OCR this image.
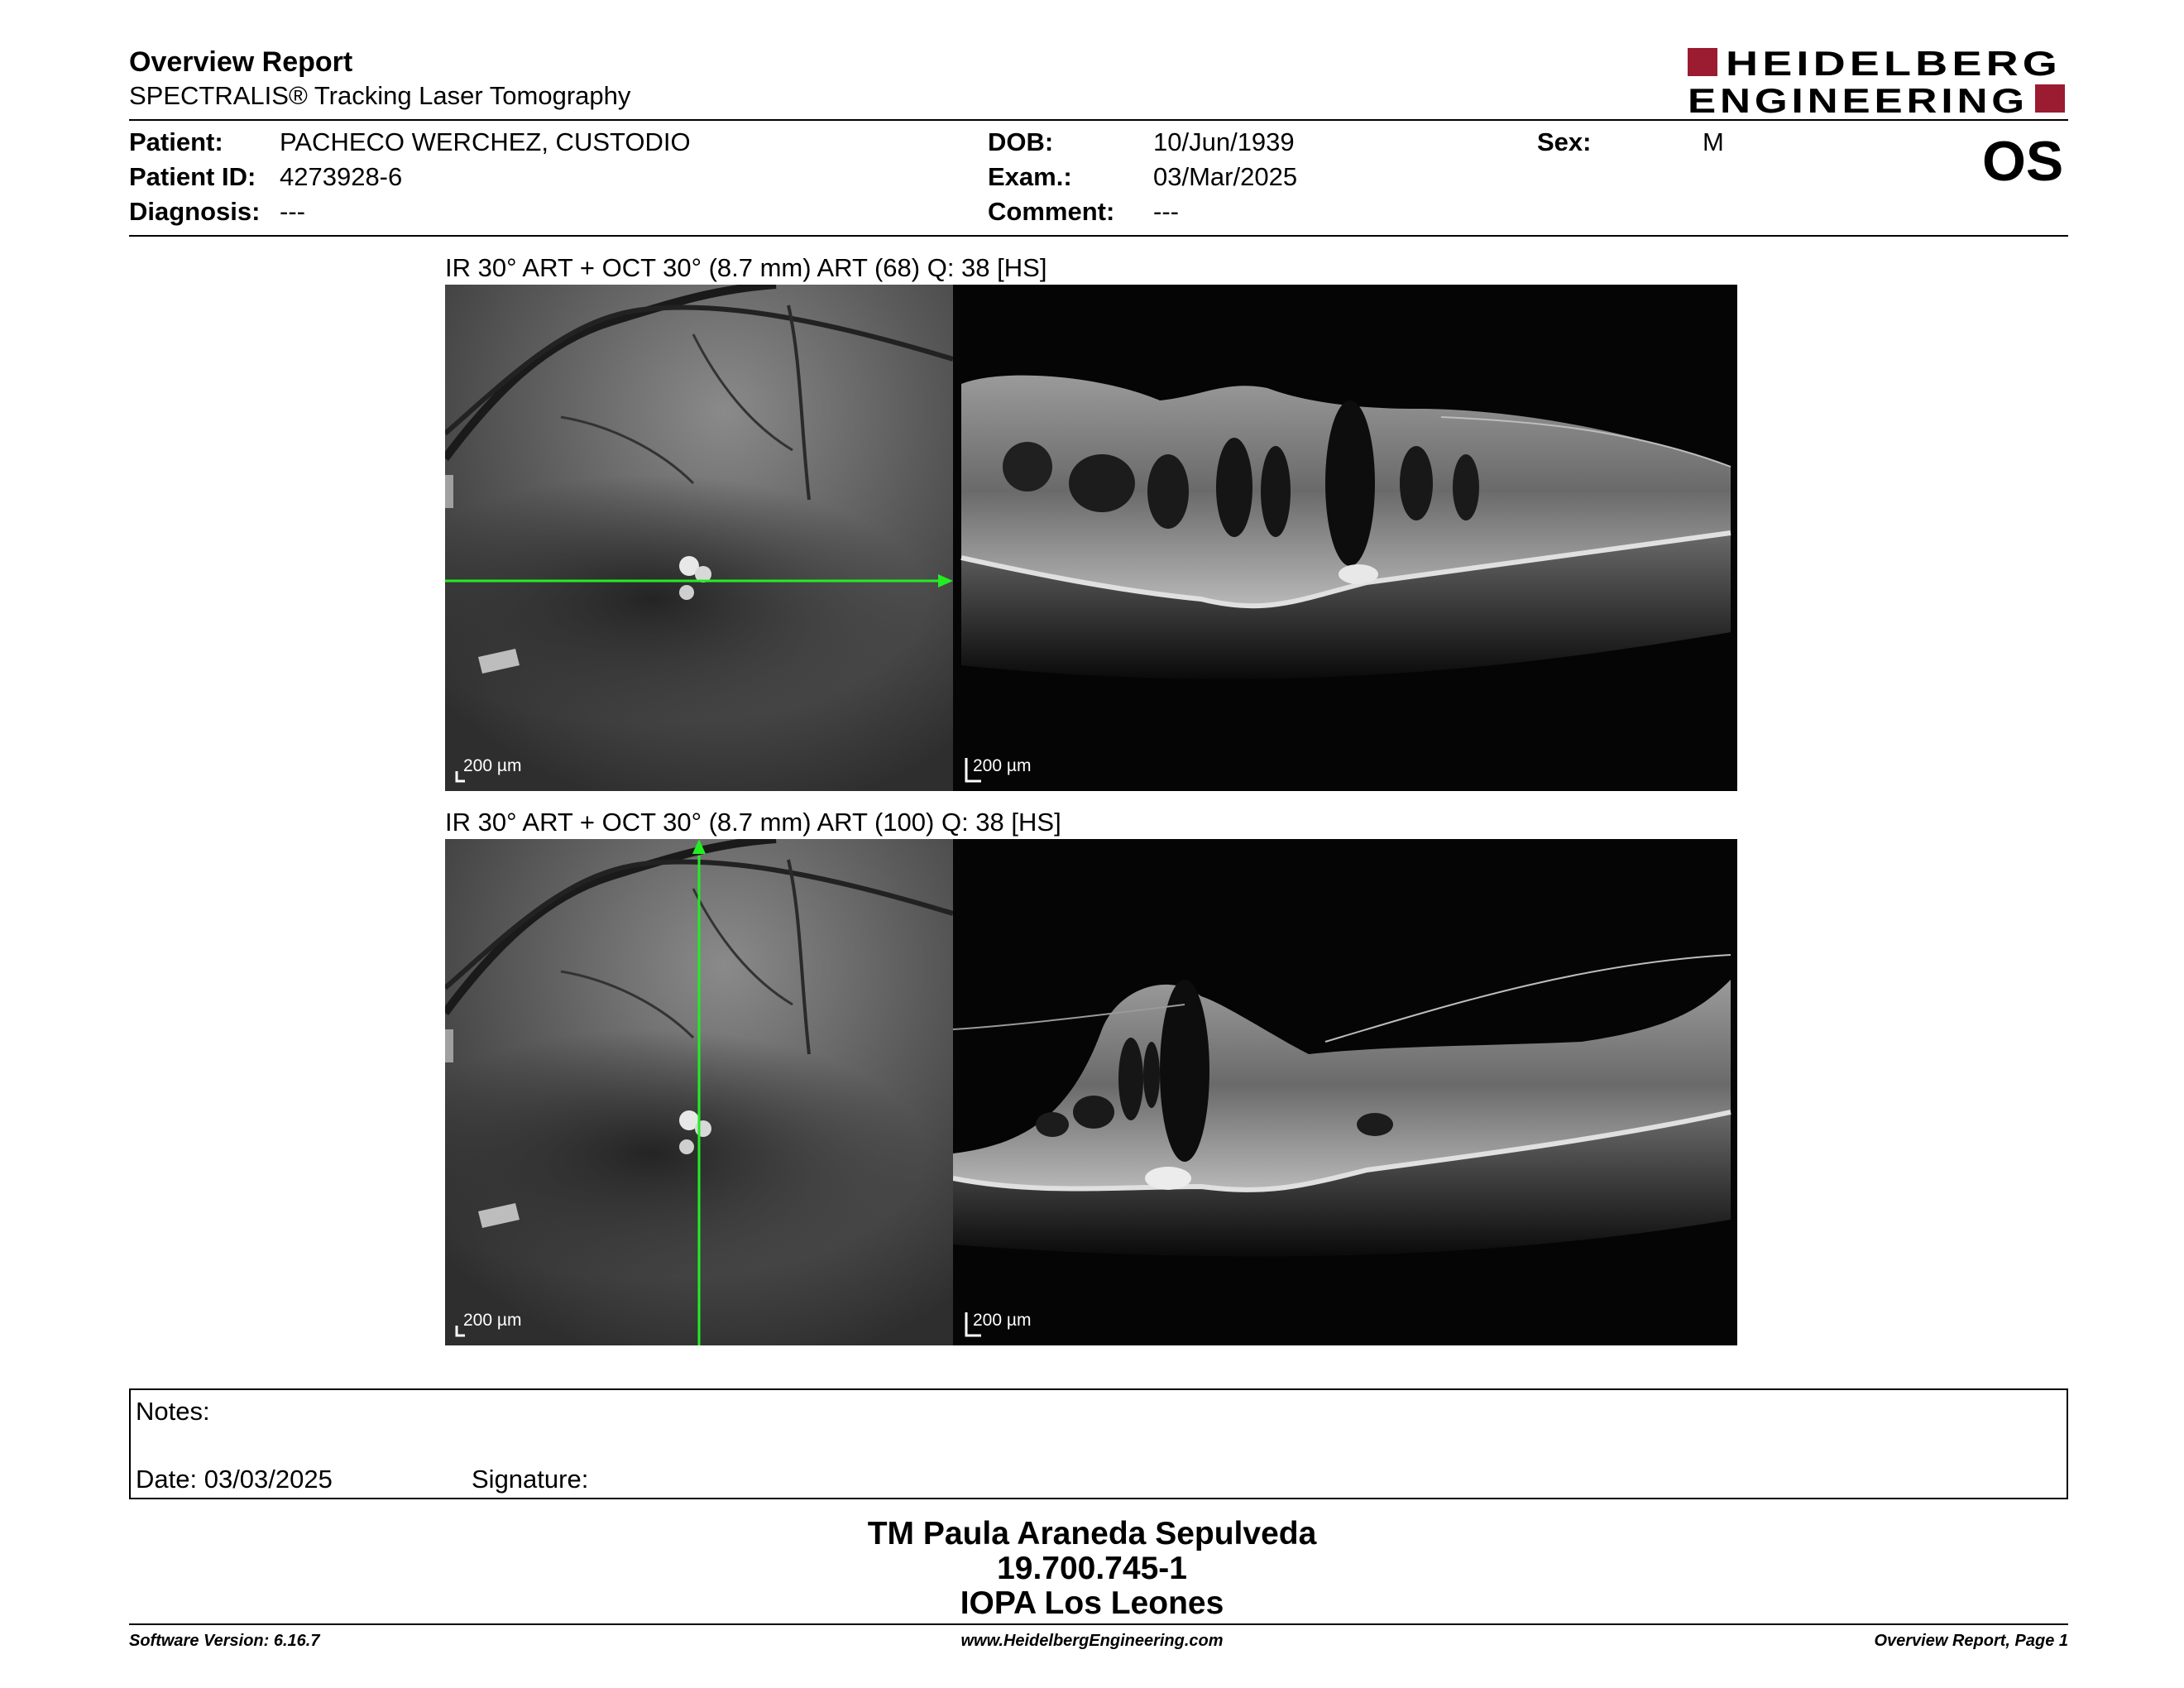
Overview Report
SPECTRALIS® Tracking Laser Tomography
HEIDELBERG
ENGINEERING
Patient: PACHECO WERCHEZ, CUSTODIO
Patient ID: 4273928-6
Diagnosis: ---
DOB:	10/Jun/1939
Exam.:	03/Mar/2025
Comment: ---
Sex:	M	OS
IR 30° ART + OCT 30° (8.7 mm) ART (68) Q: 38 [HS]
200 µm	200 µm
IR 30° ART + OCT 30° (8.7 mm) ART (100) Q: 38 [HS]
200 µm	200 µm
Notes:
Date: 03/03/2025	Signature:
TM Paula Araneda Sepulveda
19.700.745-1
IOPA Los Leones
Software Version: 6.16.7	www.HeidelbergEngineering.com	Overview Report, Page 1
